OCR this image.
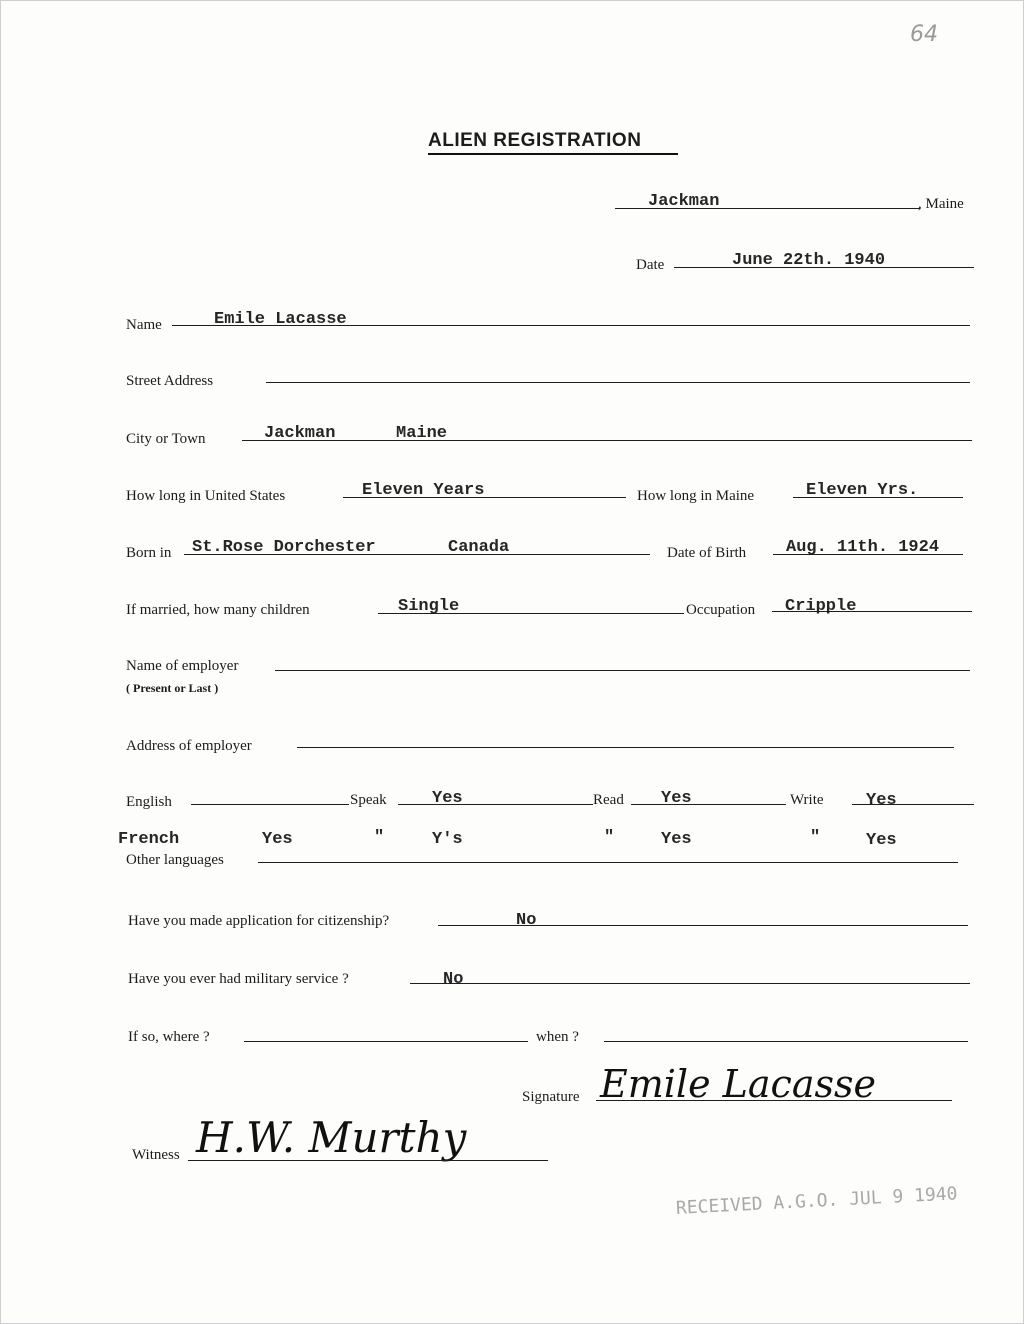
64
ALIEN REGISTRATION
Jackman	, Maine
Date	June 22th. 1940
Name	Emile Lacasse
Street Address
City or Town	Jackman	Maine
How long in United States	Eleven Years	How long in Maine	Eleven Yrs.
Born in St.Rose Dorchester	Canada	Date of Birth Aug. 11th. 1924
If married, how many children	Single	Occupation Cripple
Name of employer
( Present or Last )
Address of employer
English	Speak	Yes	Read Yes	Write Yes
French	Yes	"	Y's	"	Yes	"	Yes
Other languages
Have you made application for citizenship?	No
Have you ever had military service ?	No
If so, where ?	when ?
Signature Emile Lacasse
Witness H.W. Murthy
RECEIVED A.G.O. JUL 9 1940
